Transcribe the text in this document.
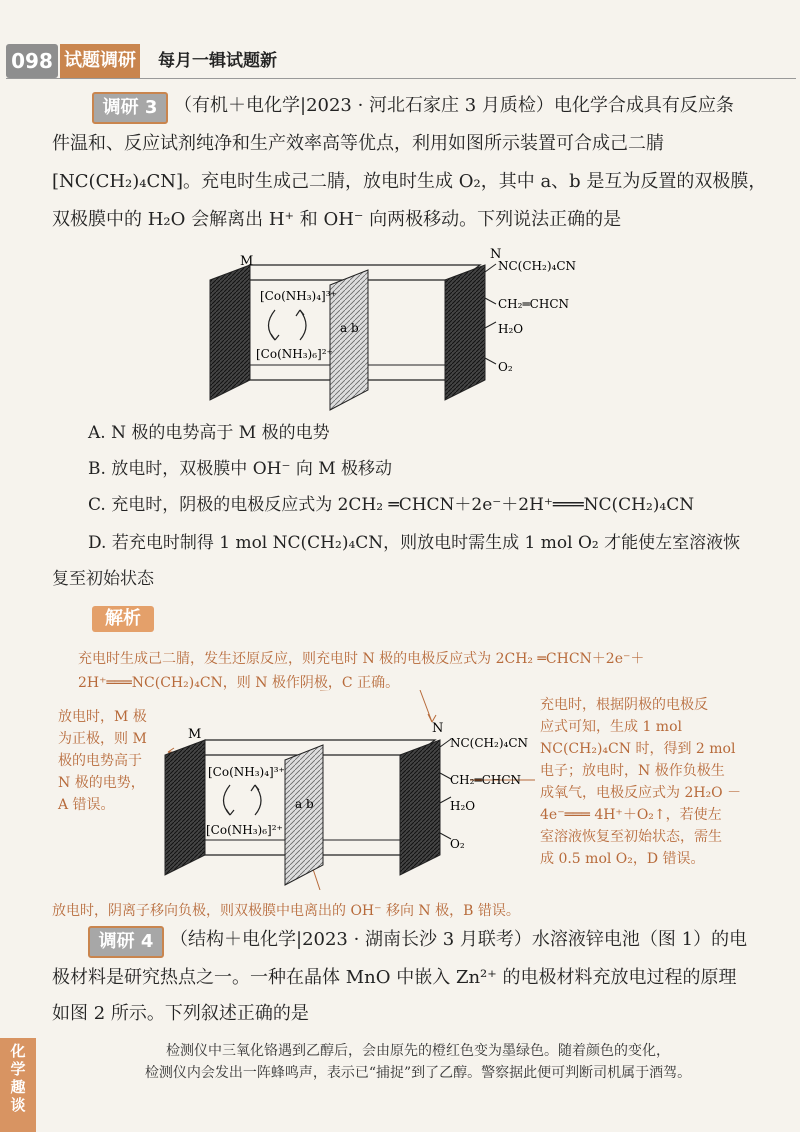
098 试题调研 每月一辑试题新
调研 3 （有机＋电化学|2023 · 河北石家庄 3 月质检）电化学合成具有反应条
件温和、反应试剂纯净和生产效率高等优点，利用如图所示装置可合成己二腈
[NC(CH₂)₄CN]。充电时生成己二腈，放电时生成 O₂，其中 a、b 是互为反置的双极膜，
双极膜中的 H₂O 会解离出 H⁺ 和 OH⁻ 向两极移动。下列说法正确的是
M	N
[Co(NH₃)₄]³⁺
[Co(NH₃)₆]²⁺
a b
NC(CH₂)₄CN
CH₂═CHCN
H₂O
O₂
A. N 极的电势高于 M 极的电势
B. 放电时，双极膜中 OH⁻ 向 M 极移动
C. 充电时，阴极的电极反应式为 2CH₂ ═CHCN＋2e⁻＋2H⁺═══NC(CH₂)₄CN
D. 若充电时制得 1 mol NC(CH₂)₄CN，则放电时需生成 1 mol O₂ 才能使左室溶液恢
复至初始状态
解析
充电时生成己二腈，发生还原反应，则充电时 N 极的电极反应式为 2CH₂ ═CHCN＋2e⁻＋
2H⁺═══NC(CH₂)₄CN，则 N 极作阴极，C 正确。
放电时，M 极
为正极，则 M
极的电势高于
N 极的电势，
A 错误。
充电时，根据阴极的电极反
应式可知，生成 1 mol
NC(CH₂)₄CN 时，得到 2 mol
电子；放电时，N 极作负极生
成氧气，电极反应式为 2H₂O －
4e⁻═══ 4H⁺＋O₂↑，若使左
室溶液恢复至初始状态，需生
成 0.5 mol O₂，D 错误。
M	N
[Co(NH₃)₄]³⁺
[Co(NH₃)₆]²⁺
a b
NC(CH₂)₄CN
CH₂═CHCN
H₂O
O₂
放电时，阴离子移向负极，则双极膜中电离出的 OH⁻ 移向 N 极，B 错误。
调研 4 （结构＋电化学|2023 · 湖南长沙 3 月联考）水溶液锌电池（图 1）的电
极材料是研究热点之一。一种在晶体 MnO 中嵌入 Zn²⁺ 的电极材料充放电过程的原理
如图 2 所示。下列叙述正确的是
化
学
趣
谈
检测仪中三氧化铬遇到乙醇后，会由原先的橙红色变为墨绿色。随着颜色的变化，
检测仪内会发出一阵蜂鸣声，表示已“捕捉”到了乙醇。警察据此便可判断司机属于酒驾。
